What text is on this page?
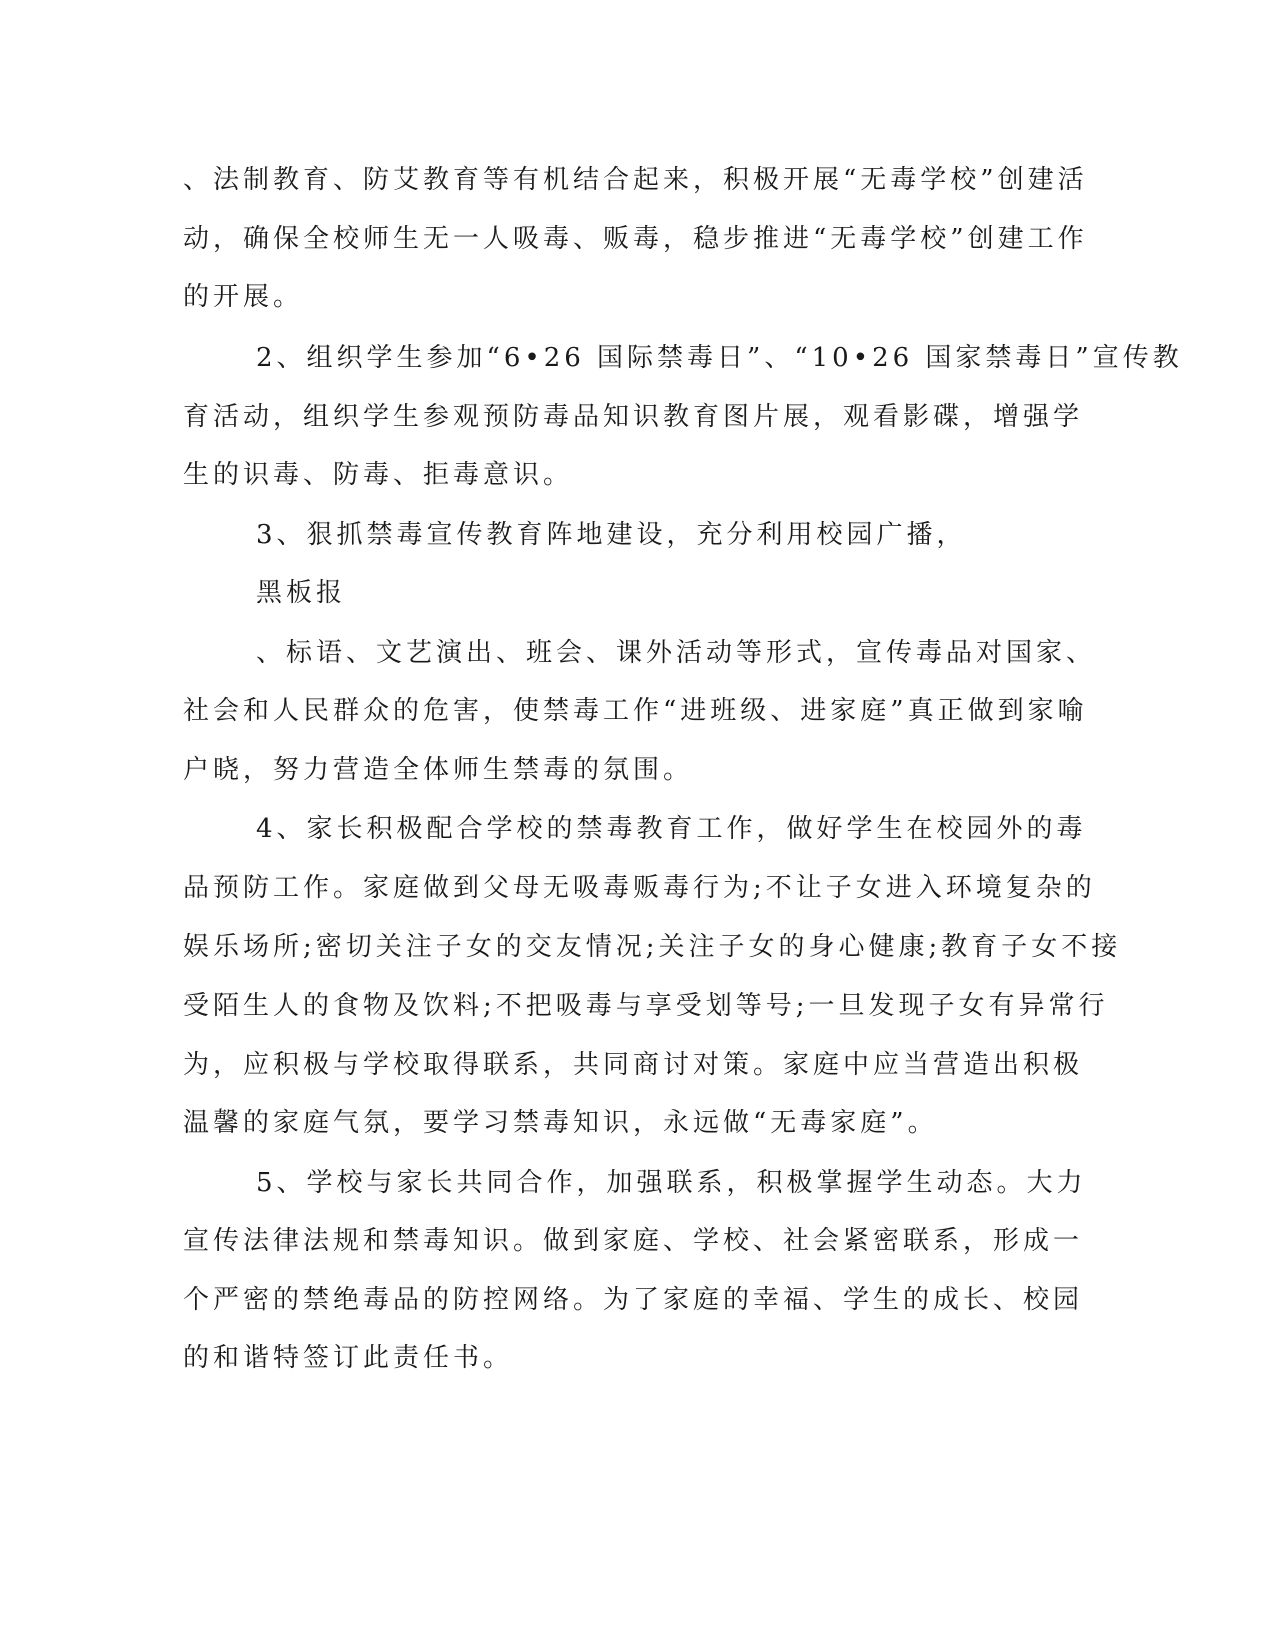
、法制教育、防艾教育等有机结合起来，积极开展“无毒学校”创建活

动，确保全校师生无一人吸毒、贩毒，稳步推进“无毒学校”创建工作

的开展。

2、组织学生参加“6•26 国际禁毒日”、“10•26 国家禁毒日”宣传教

育活动，组织学生参观预防毒品知识教育图片展，观看影碟，增强学

生的识毒、防毒、拒毒意识。

3、狠抓禁毒宣传教育阵地建设，充分利用校园广播，

黑板报

、标语、文艺演出、班会、课外活动等形式，宣传毒品对国家、

社会和人民群众的危害，使禁毒工作“进班级、进家庭”真正做到家喻

户晓，努力营造全体师生禁毒的氛围。

4、家长积极配合学校的禁毒教育工作，做好学生在校园外的毒

品预防工作。家庭做到父母无吸毒贩毒行为;不让子女进入环境复杂的

娱乐场所;密切关注子女的交友情况;关注子女的身心健康;教育子女不接

受陌生人的食物及饮料;不把吸毒与享受划等号;一旦发现子女有异常行

为，应积极与学校取得联系，共同商讨对策。家庭中应当营造出积极

温馨的家庭气氛，要学习禁毒知识，永远做“无毒家庭”。

5、学校与家长共同合作，加强联系，积极掌握学生动态。大力

宣传法律法规和禁毒知识。做到家庭、学校、社会紧密联系，形成一

个严密的禁绝毒品的防控网络。为了家庭的幸福、学生的成长、校园

的和谐特签订此责任书。
